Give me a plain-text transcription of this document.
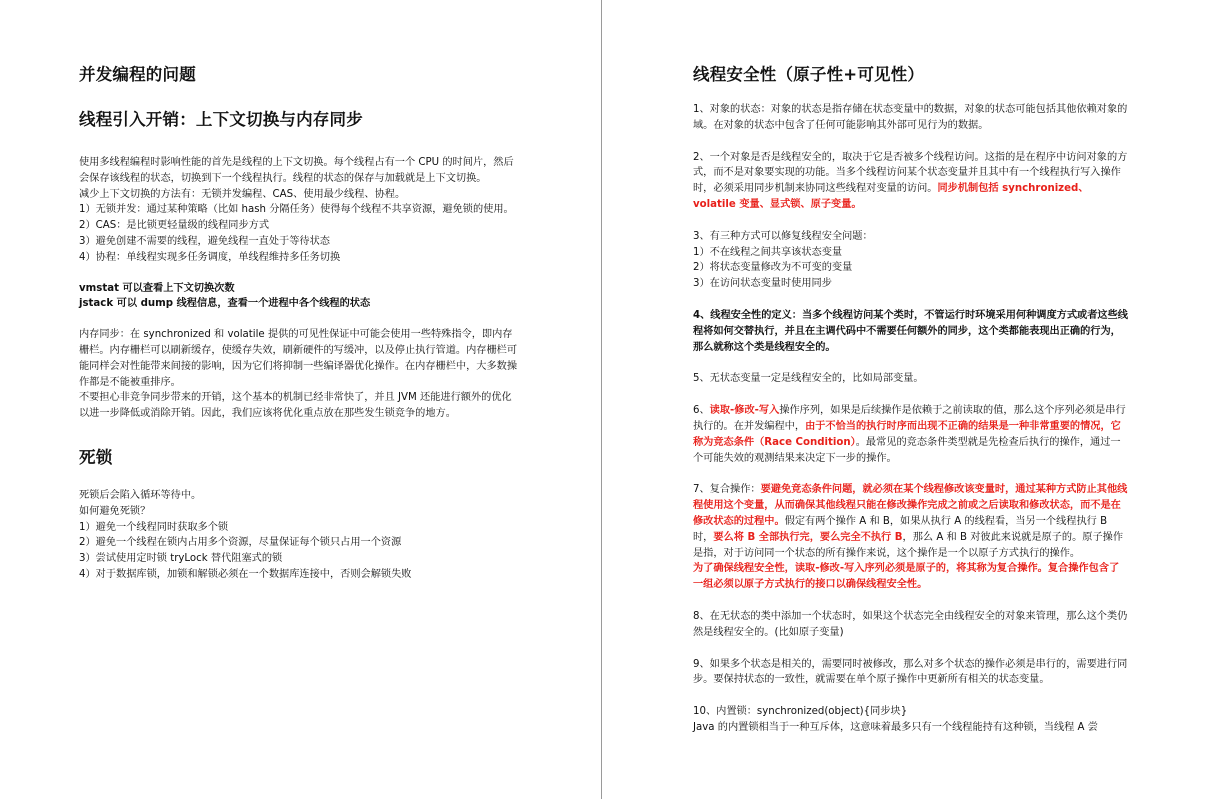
并发编程的问题
线程引入开销：上下文切换与内存同步

使用多线程编程时影响性能的首先是线程的上下文切换。每个线程占有一个 CPU 的时间片，然后会保存该线程的状态，切换到下一个线程执行。线程的状态的保存与加载就是上下文切换。

减少上下文切换的方法有：无锁并发编程、CAS、使用最少线程、协程。

1）无锁并发：通过某种策略（比如 hash 分隔任务）使得每个线程不共享资源，避免锁的使用。

2）CAS：是比锁更轻量级的线程同步方式

3）避免创建不需要的线程，避免线程一直处于等待状态

4）协程：单线程实现多任务调度，单线程维持多任务切换

vmstat 可以查看上下文切换次数

jstack 可以 dump 线程信息，查看一个进程中各个线程的状态

内存同步：在 synchronized 和 volatile 提供的可见性保证中可能会使用一些特殊指令，即内存栅栏。内存栅栏可以刷新缓存，使缓存失效，刷新硬件的写缓冲，以及停止执行管道。内存栅栏可能同样会对性能带来间接的影响，因为它们将抑制一些编译器优化操作。在内存栅栏中，大多数操作都是不能被重排序。

不要担心非竞争同步带来的开销，这个基本的机制已经非常快了，并且 JVM 还能进行额外的优化以进一步降低或消除开销。因此，我们应该将优化重点放在那些发生锁竞争的地方。

死锁

死锁后会陷入循环等待中。

如何避免死锁？

1）避免一个线程同时获取多个锁

2）避免一个线程在锁内占用多个资源，尽量保证每个锁只占用一个资源

3）尝试使用定时锁 tryLock 替代阻塞式的锁

4）对于数据库锁，加锁和解锁必须在一个数据库连接中，否则会解锁失败

线程安全性（原子性+可见性）

1、对象的状态：对象的状态是指存储在状态变量中的数据，对象的状态可能包括其他依赖对象的域。在对象的状态中包含了任何可能影响其外部可见行为的数据。

2、一个对象是否是线程安全的，取决于它是否被多个线程访问。这指的是在程序中访问对象的方式，而不是对象要实现的功能。当多个线程访问某个状态变量并且其中有一个线程执行写入操作时，必须采用同步机制来协同这些线程对变量的访问。同步机制包括 synchronized、volatile 变量、显式锁、原子变量。

3、有三种方式可以修复线程安全问题：

1）不在线程之间共享该状态变量

2）将状态变量修改为不可变的变量

3）在访问状态变量时使用同步

4、线程安全性的定义：当多个线程访问某个类时，不管运行时环境采用何种调度方式或者这些线程将如何交替执行，并且在主调代码中不需要任何额外的同步，这个类都能表现出正确的行为，那么就称这个类是线程安全的。

5、无状态变量一定是线程安全的，比如局部变量。

6、读取-修改-写入操作序列，如果是后续操作是依赖于之前读取的值，那么这个序列必须是串行执行的。在并发编程中，由于不恰当的执行时序而出现不正确的结果是一种非常重要的情况，它称为竞态条件（Race Condition）。最常见的竞态条件类型就是先检查后执行的操作，通过一个可能失效的观测结果来决定下一步的操作。

7、复合操作：要避免竞态条件问题，就必须在某个线程修改该变量时，通过某种方式防止其他线程使用这个变量，从而确保其他线程只能在修改操作完成之前或之后读取和修改状态，而不是在修改状态的过程中。假定有两个操作 A 和 B，如果从执行 A 的线程看，当另一个线程执行 B 时，要么将 B 全部执行完，要么完全不执行 B，那么 A 和 B 对彼此来说就是原子的。原子操作是指，对于访问同一个状态的所有操作来说，这个操作是一个以原子方式执行的操作。

为了确保线程安全性，读取-修改-写入序列必须是原子的，将其称为复合操作。复合操作包含了一组必须以原子方式执行的接口以确保线程安全性。

8、在无状态的类中添加一个状态时，如果这个状态完全由线程安全的对象来管理，那么这个类仍然是线程安全的。(比如原子变量)

9、如果多个状态是相关的，需要同时被修改，那么对多个状态的操作必须是串行的，需要进行同步。要保持状态的一致性，就需要在单个原子操作中更新所有相关的状态变量。

10、内置锁：synchronized(object){同步块}

Java 的内置锁相当于一种互斥体，这意味着最多只有一个线程能持有这种锁，当线程 A 尝
